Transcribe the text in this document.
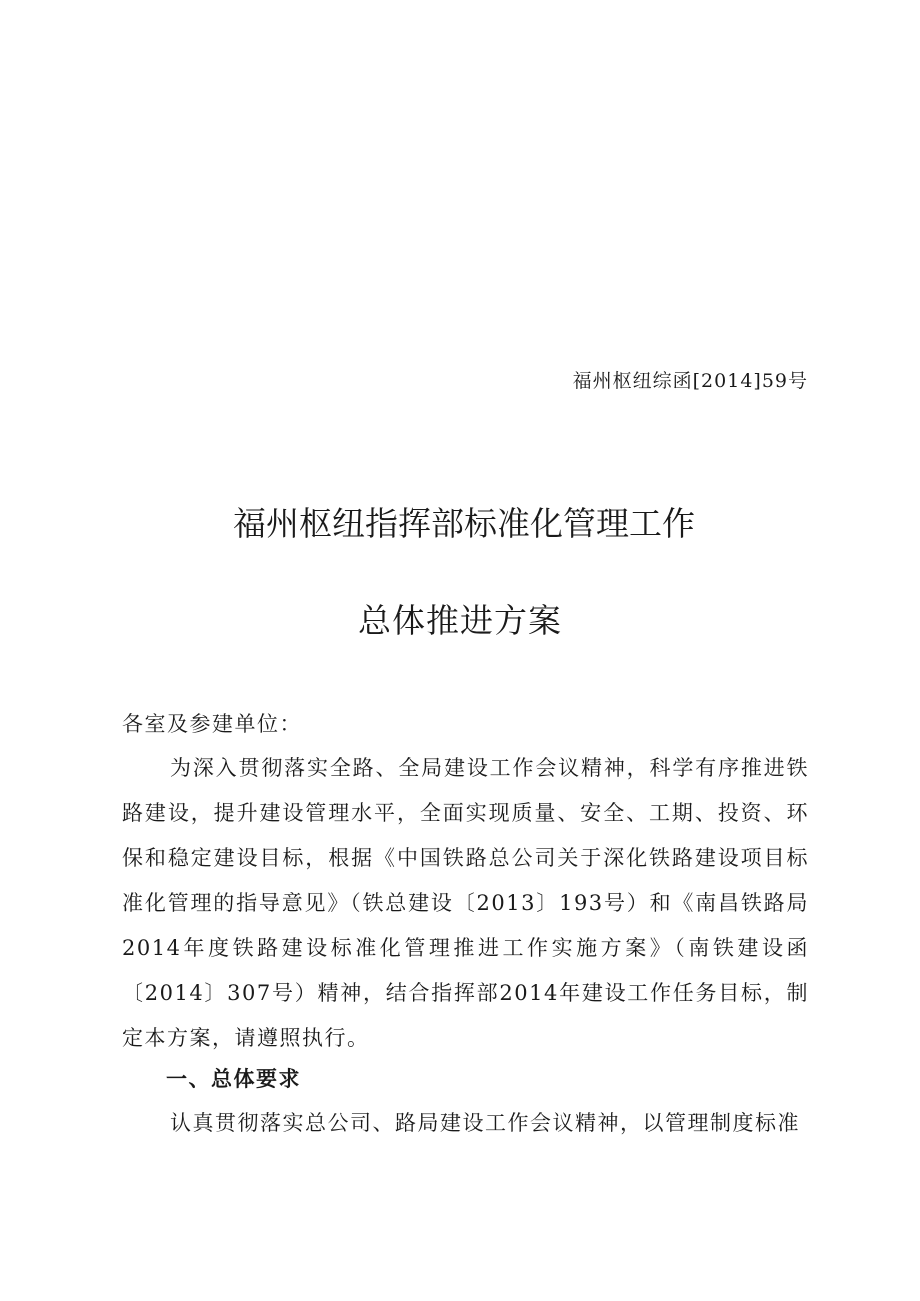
福州枢纽综函[2014]59号
福州枢纽指挥部标准化管理工作
总体推进方案
各室及参建单位：
为深入贯彻落实全路、全局建设工作会议精神，科学有序推进铁路建设，提升建设管理水平，全面实现质量、安全、工期、投资、环保和稳定建设目标，根据《中国铁路总公司关于深化铁路建设项目标准化管理的指导意见》（铁总建设〔2013〕193号）和《南昌铁路局2014年度铁路建设标准化管理推进工作实施方案》（南铁建设函〔2014〕307号）精神，结合指挥部2014年建设工作任务目标，制定本方案，请遵照执行。
一、总体要求
认真贯彻落实总公司、路局建设工作会议精神，以管理制度标准
